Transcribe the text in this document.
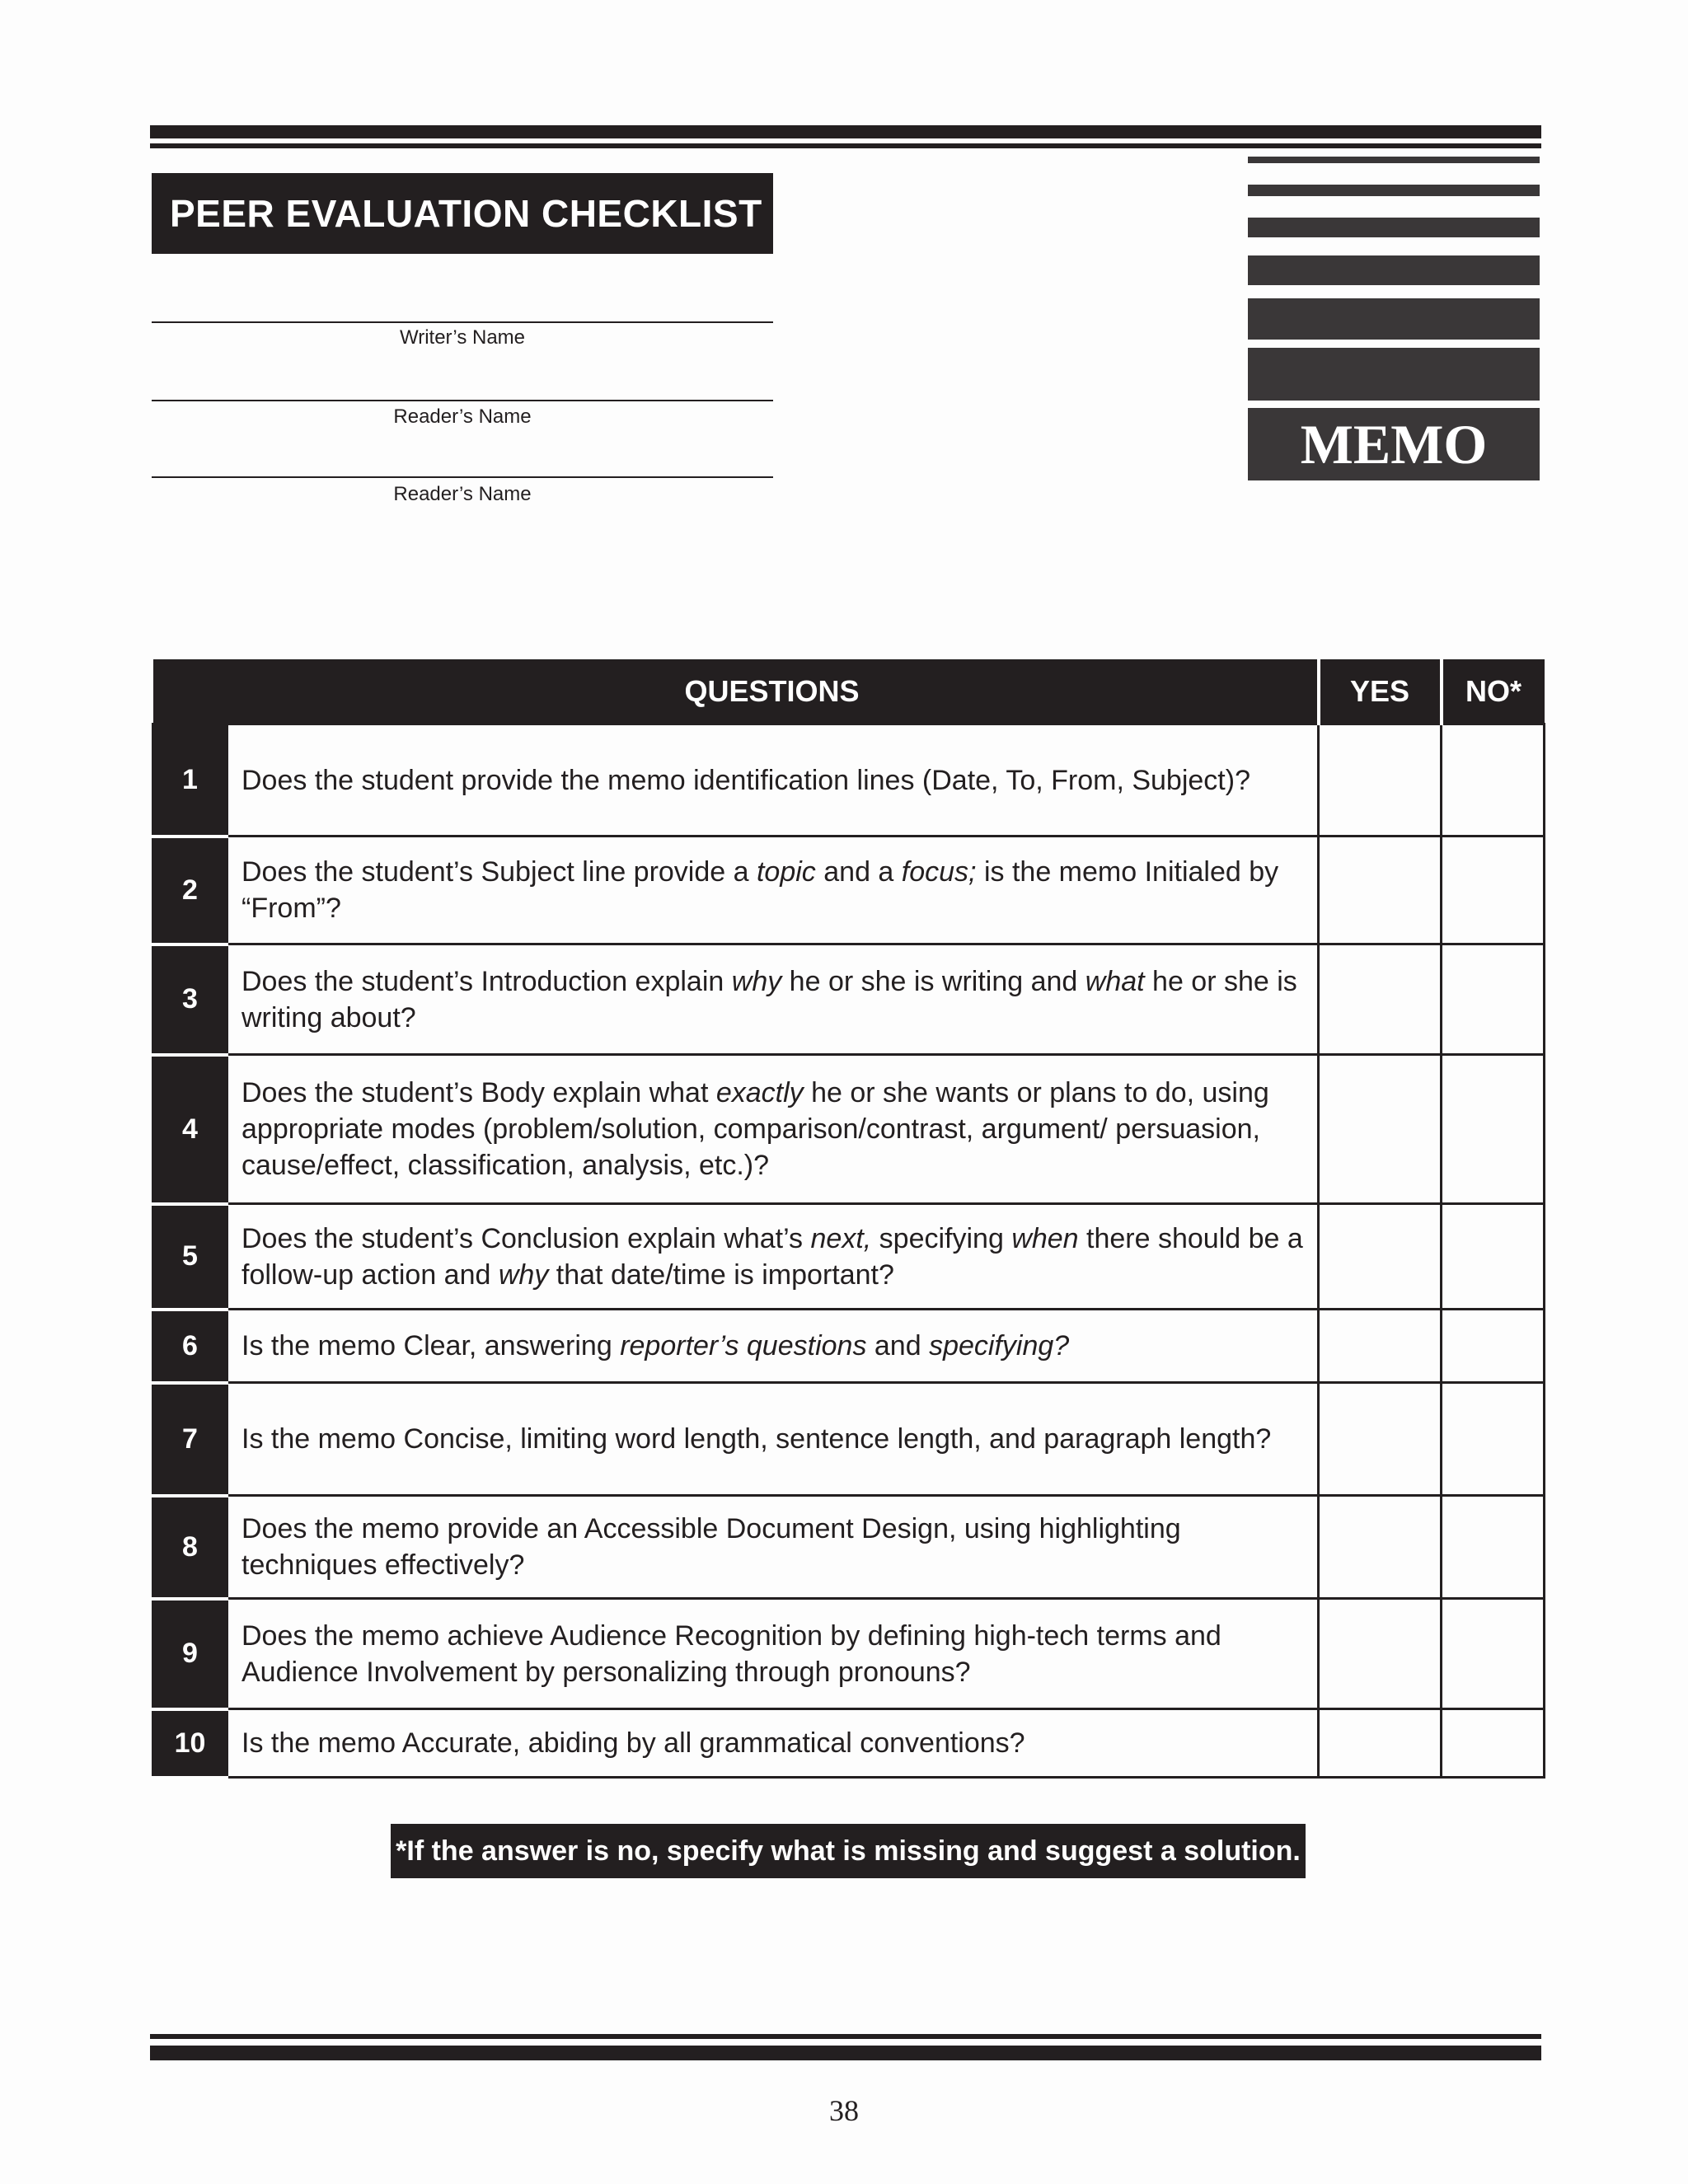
PEER EVALUATION CHECKLIST
Writer’s Name
Reader’s Name
Reader’s Name
MEMO
	QUESTIONS	YES	NO*
1	Does the student provide the memo identification lines (Date, To, From, Subject)?		
2	Does the student’s Subject line provide a topic and a focus; is the memo Initialed by “From”?		
3	Does the student’s Introduction explain why he or she is writing and what he or she is writing about?		
4	Does the student’s Body explain what exactly he or she wants or plans to do, using appropriate modes (problem/solution, comparison/contrast, argument/ persuasion, cause/effect, classification, analysis, etc.)?		
5	Does the student’s Conclusion explain what’s next, specifying when there should be a follow-up action and why that date/time is important?		
6	Is the memo Clear, answering reporter’s questions and specifying?		
7	Is the memo Concise, limiting word length, sentence length, and paragraph length?		
8	Does the memo provide an Accessible Document Design, using highlighting techniques effectively?		
9	Does the memo achieve Audience Recognition by defining high-tech terms and Audience Involvement by personalizing through pronouns?		
10	Is the memo Accurate, abiding by all grammatical conventions?		
*If the answer is no, specify what is missing and suggest a solution.
38
